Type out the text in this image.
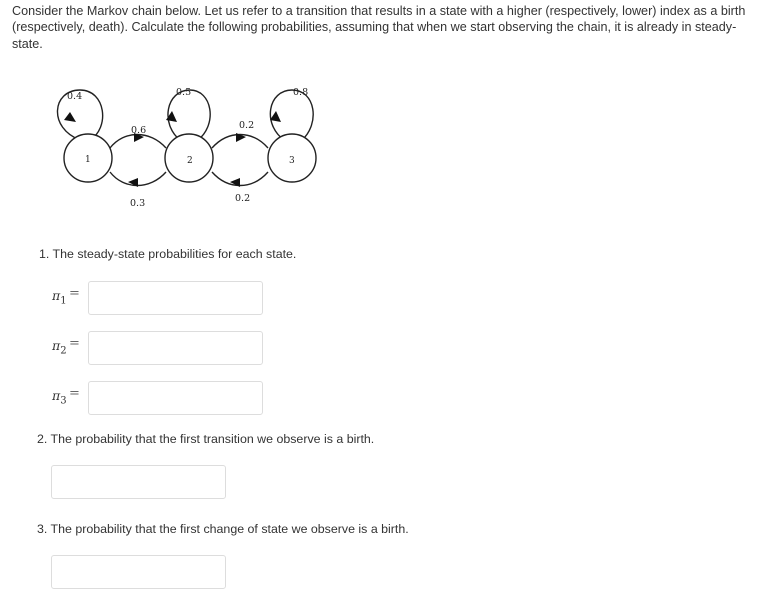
Consider the Markov chain below. Let us refer to a transition that results in a state with a higher (respectively, lower) index as a birth (respectively, death). Calculate the following probabilities, assuming that when we start observing the chain, it is already in steady-state.
1	2	3
0.4	0.5	0.8
0.6	0.2
0.3	0.2
1. The steady-state probabilities for each state.
$\pi_1$ =
$\pi_2$ =
$\pi_3$ =
2. The probability that the first transition we observe is a birth.
3. The probability that the first change of state we observe is a birth.
